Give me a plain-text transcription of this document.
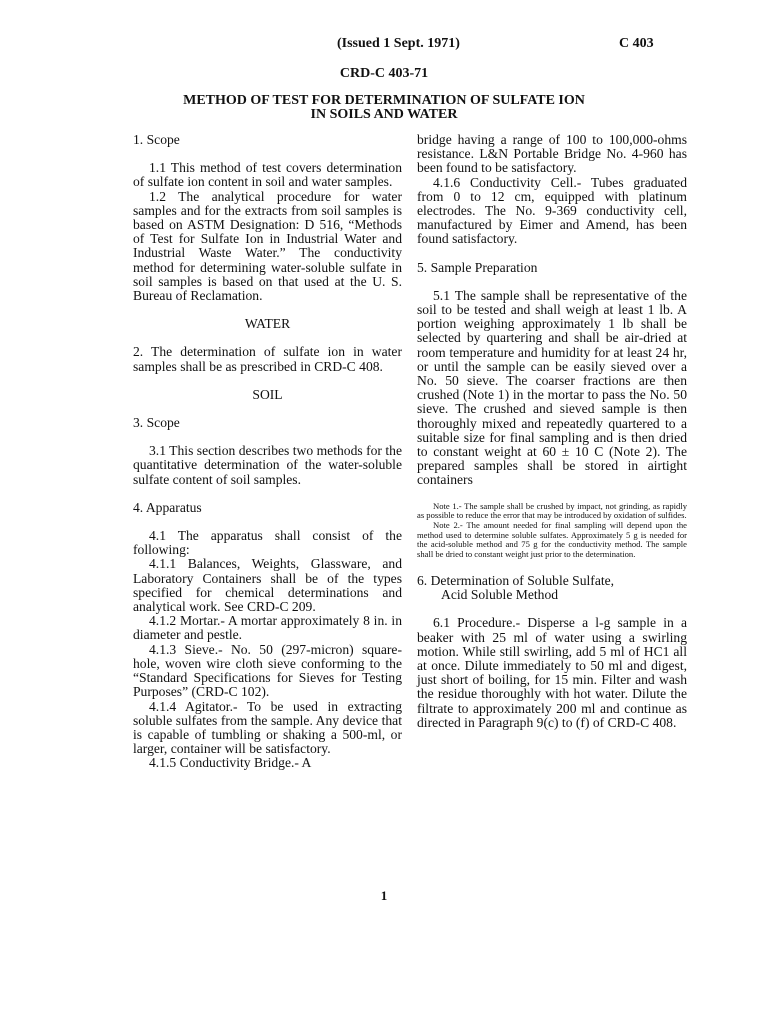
(Issued 1 Sept. 1971)	C 403
CRD-C 403-71
METHOD OF TEST FOR DETERMINATION OF SULFATE ION
IN SOILS AND WATER

1. Scope

1.1 This method of test covers determination of sulfate ion content in soil and water samples.

1.2 The analytical procedure for water samples and for the extracts from soil samples is based on ASTM Designation: D 516, “Methods of Test for Sulfate Ion in Industrial Water and Industrial Waste Water.” The conductivity method for determining water-soluble sulfate in soil samples is based on that used at the U. S. Bureau of Reclamation.

WATER

2. The determination of sulfate ion in water samples shall be as prescribed in CRD-C 408.

SOIL

3. Scope

3.1 This section describes two methods for the quantitative determination of the water-soluble sulfate content of soil samples.

4. Apparatus

4.1 The apparatus shall consist of the following:

4.1.1 Balances, Weights, Glassware, and Laboratory Containers shall be of the types specified for chemical determinations and analytical work. See CRD-C 209.

4.1.2 Mortar.- A mortar approximately 8 in. in diameter and pestle.

4.1.3 Sieve.- No. 50 (297-micron) square-hole, woven wire cloth sieve conforming to the “Standard Specifications for Sieves for Testing Purposes” (CRD-C 102).

4.1.4 Agitator.- To be used in extracting soluble sulfates from the sample. Any device that is capable of tumbling or shaking a 500-ml, or larger, container will be satisfactory.

4.1.5 Conductivity Bridge.- A

bridge having a range of 100 to 100,000-ohms resistance. L&N Portable Bridge No. 4-960 has been found to be satisfactory.

4.1.6 Conductivity Cell.- Tubes graduated from 0 to 12 cm, equipped with platinum electrodes. The No. 9-369 conductivity cell, manufactured by Eimer and Amend, has been found satisfactory.

5. Sample Preparation

5.1 The sample shall be representative of the soil to be tested and shall weigh at least 1 lb. A portion weighing approximately 1 lb shall be selected by quartering and shall be air-dried at room temperature and humidity for at least 24 hr, or until the sample can be easily sieved over a No. 50 sieve. The coarser fractions are then crushed (Note 1) in the mortar to pass the No. 50 sieve. The crushed and sieved sample is then thoroughly mixed and repeatedly quartered to a suitable size for final sampling and is then dried to constant weight at 60 ± 10 C (Note 2). The prepared samples shall be stored in airtight containers

Note 1.- The sample shall be crushed by impact, not grinding, as rapidly as possible to reduce the error that may be introduced by oxidation of sulfides.

Note 2.- The amount needed for final sampling will depend upon the method used to determine soluble sulfates. Approximately 5 g is needed for the acid-soluble method and 75 g for the conductivity method. The sample shall be dried to constant weight just prior to the determination.

6. Determination of Soluble Sulfate,

Acid Soluble Method

6.1 Procedure.- Disperse a l-g sample in a beaker with 25 ml of water using a swirling motion. While still swirling, add 5 ml of HC1 all at once. Dilute immediately to 50 ml and digest, just short of boiling, for 15 min. Filter and wash the residue thoroughly with hot water. Dilute the filtrate to approximately 200 ml and continue as directed in Paragraph 9(c) to (f) of CRD-C 408.

1
